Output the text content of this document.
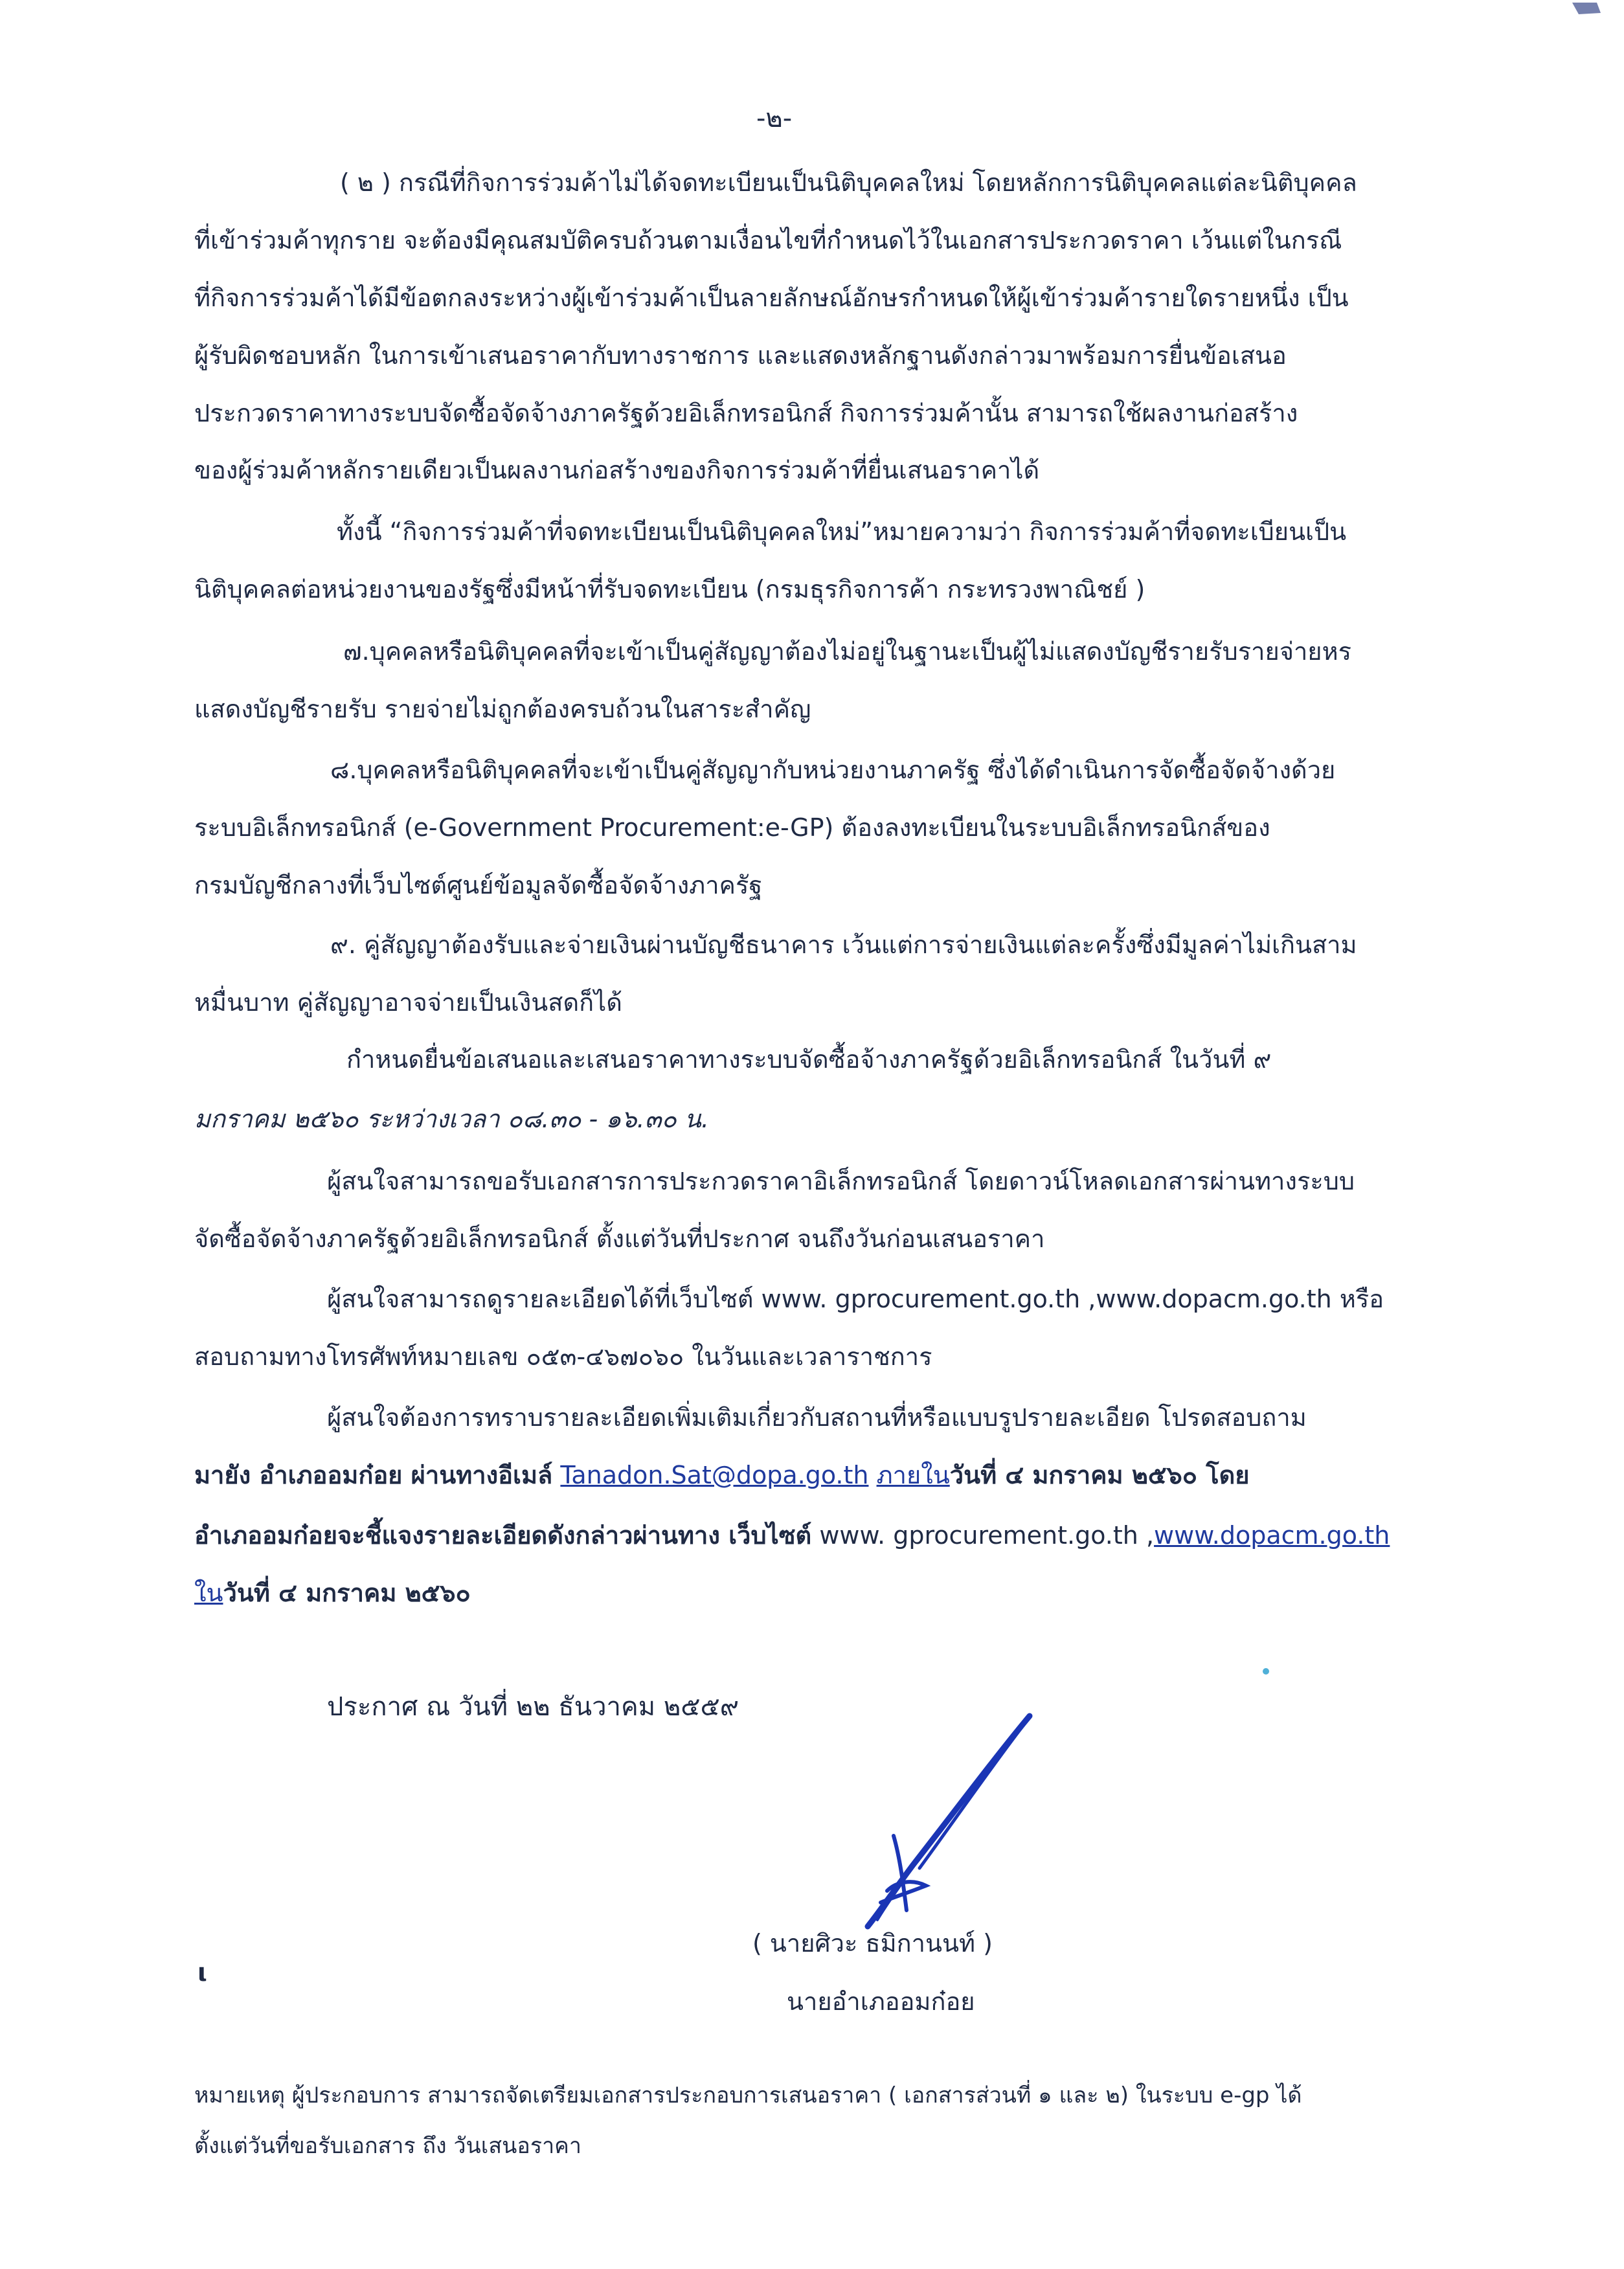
-๒-
( ๒ ) กรณีที่กิจการร่วมค้าไม่ได้จดทะเบียนเป็นนิติบุคคลใหม่ โดยหลักการนิติบุคคลแต่ละนิติบุคคล
ที่เข้าร่วมค้าทุกราย จะต้องมีคุณสมบัติครบถ้วนตามเงื่อนไขที่กำหนดไว้ในเอกสารประกวดราคา เว้นแต่ในกรณี
ที่กิจการร่วมค้าได้มีข้อตกลงระหว่างผู้เข้าร่วมค้าเป็นลายลักษณ์อักษรกำหนดให้ผู้เข้าร่วมค้ารายใดรายหนึ่ง เป็น
ผู้รับผิดชอบหลัก ในการเข้าเสนอราคากับทางราชการ และแสดงหลักฐานดังกล่าวมาพร้อมการยื่นข้อเสนอ
ประกวดราคาทางระบบจัดซื้อจัดจ้างภาครัฐด้วยอิเล็กทรอนิกส์ กิจการร่วมค้านั้น สามารถใช้ผลงานก่อสร้าง
ของผู้ร่วมค้าหลักรายเดียวเป็นผลงานก่อสร้างของกิจการร่วมค้าที่ยื่นเสนอราคาได้
ทั้งนี้ “กิจการร่วมค้าที่จดทะเบียนเป็นนิติบุคคลใหม่”หมายความว่า กิจการร่วมค้าที่จดทะเบียนเป็น
นิติบุคคลต่อหน่วยงานของรัฐซึ่งมีหน้าที่รับจดทะเบียน (กรมธุรกิจการค้า กระทรวงพาณิชย์ )
๗.บุคคลหรือนิติบุคคลที่จะเข้าเป็นคู่สัญญาต้องไม่อยู่ในฐานะเป็นผู้ไม่แสดงบัญชีรายรับรายจ่ายหร
แสดงบัญชีรายรับ รายจ่ายไม่ถูกต้องครบถ้วนในสาระสำคัญ
๘.บุคคลหรือนิติบุคคลที่จะเข้าเป็นคู่สัญญากับหน่วยงานภาครัฐ ซึ่งได้ดำเนินการจัดซื้อจัดจ้างด้วย
ระบบอิเล็กทรอนิกส์ (e-Government Procurement:e-GP) ต้องลงทะเบียนในระบบอิเล็กทรอนิกส์ของ
กรมบัญชีกลางที่เว็บไซต์ศูนย์ข้อมูลจัดซื้อจัดจ้างภาครัฐ
๙. คู่สัญญาต้องรับและจ่ายเงินผ่านบัญชีธนาคาร เว้นแต่การจ่ายเงินแต่ละครั้งซึ่งมีมูลค่าไม่เกินสาม
หมื่นบาท คู่สัญญาอาจจ่ายเป็นเงินสดก็ได้
กำหนดยื่นข้อเสนอและเสนอราคาทางระบบจัดซื้อจ้างภาครัฐด้วยอิเล็กทรอนิกส์ ในวันที่ ๙
มกราคม ๒๕๖๐ ระหว่างเวลา ๐๘.๓๐ - ๑๖.๓๐ น.
ผู้สนใจสามารถขอรับเอกสารการประกวดราคาอิเล็กทรอนิกส์ โดยดาวน์โหลดเอกสารผ่านทางระบบ
จัดซื้อจัดจ้างภาครัฐด้วยอิเล็กทรอนิกส์ ตั้งแต่วันที่ประกาศ จนถึงวันก่อนเสนอราคา
ผู้สนใจสามารถดูรายละเอียดได้ที่เว็บไซต์ www. gprocurement.go.th ,www.dopacm.go.th หรือ
สอบถามทางโทรศัพท์หมายเลข ๐๕๓-๔๖๗๐๖๐ ในวันและเวลาราชการ
ผู้สนใจต้องการทราบรายละเอียดเพิ่มเติมเกี่ยวกับสถานที่หรือแบบรูปรายละเอียด โปรดสอบถาม
มายัง อำเภออมก๋อย ผ่านทางอีเมล์ Tanadon.Sat@dopa.go.th ภายในวันที่ ๔ มกราคม ๒๕๖๐ โดย
อำเภออมก๋อยจะชี้แจงรายละเอียดดังกล่าวผ่านทาง เว็บไซต์ www. gprocurement.go.th ,www.dopacm.go.th
ในวันที่ ๔ มกราคม ๒๕๖๐
ประกาศ ณ วันที่ ๒๒ ธันวาคม ๒๕๕๙
( นายศิวะ ธมิกานนท์ )
นายอำเภออมก๋อย
ι
หมายเหตุ ผู้ประกอบการ สามารถจัดเตรียมเอกสารประกอบการเสนอราคา ( เอกสารส่วนที่ ๑ และ ๒) ในระบบ e-gp ได้
ตั้งแต่วันที่ขอรับเอกสาร ถึง วันเสนอราคา
